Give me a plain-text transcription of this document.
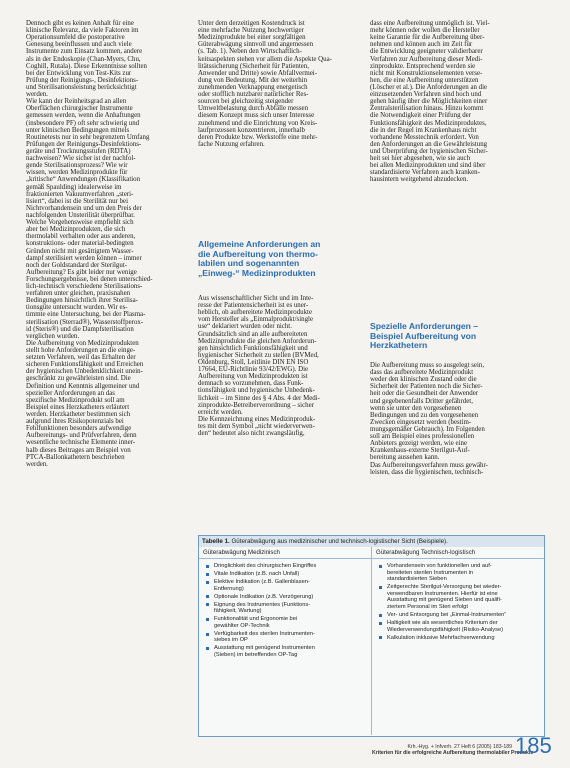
Dennoch gibt es keinen Anhalt für eine
klinische Relevanz, da viele Faktoren im
Operationsumfeld die postoperative
Genesung beeinflussen und auch viele
Instrumente zum Einsatz kommen, andere
als in der Endoskopie (Chan-Myers, Chu,
Coghill, Rutala). Diese Erkenntnisse sollten
bei der Entwicklung von Test-Kits zur
Prüfung der Reinigungs-, Desinfektions-
und Sterilisationsleistung berücksichtigt
werden.
Wie kann der Reinheitsgrad an allen
Oberflächen chirurgischer Instrumente
gemessen werden, wenn die Anhaftungen
(insbesondere PF) oft sehr schwierig und
unter klinischen Bedingungen mittels
Routinetests nur in sehr begrenztem Umfang
Prüfungen der Reinigungs-Desinfektions-
geräte und Trocknungsstufen (RDTA)
nachweisen? Wie sicher ist der nachfol-
gende Sterilisationsprozess? Wie wir
wissen, werden Medizinprodukte für
„kritische“ Anwendungen (Klassifikation
gemäß Spaulding) idealerweise im
fraktionierten Vakuumverfahren „steri-
lisiert“, dabei ist die Sterilität nur bei
Nichtvorhandensein und um den Preis der
nachfolgenden Unsterilität überprüfbar.
Welche Vorgehensweise empfiehlt sich
aber bei Medizinprodukten, die sich
thermolabil verhalten oder aus anderen,
konstruktions- oder material-bedingten
Gründen nicht mit gesättigtem Wasser-
dampf sterilisiert werden können – immer
noch der Goldstandard der Sterilgut-
Aufbereitung? Es gibt leider nur wenige
Forschungsergebnisse, bei denen unterschied-
lich-technisch verschiedene Sterilisations-
verfahren unter gleichen, praxisnahen
Bedingungen hinsichtlich ihrer Sterilisa-
tionsgüte untersucht wurden. Wir es-
timmte eine Untersuchung, bei der Plasma-
sterilisation (Sterrad®), Wasserstoffperox-
id (Steris®) und die Dampfsterilisation
verglichen wurden.
Die Aufbereitung von Medizinprodukten
stellt hohe Anforderungen an die einge-
setzten Verfahren, weil das Erhalten der
sicheren Funktionsfähigkeit und Erreichen
der hygienischen Unbedenklichkeit unein-
geschränkt zu gewährleisten sind. Die
Definition und Kenntnis allgemeiner und
spezieller Anforderungen an das
spezifische Medizinprodukt soll am
Beispiel eines Herzkatheters erläutert
werden. Herzkatheter bestimmen sich
aufgrund ihres Risikopotenzials bei
Fehlfunktionen besonders aufwendige
Aufbereitungs- und Prüfverfahren, denn
wesentliche technische Elemente inner-
halb dieses Beitrages am Beispiel von
PTCA-Ballonkathetern beschrieben
werden.
Unter dem derzeitigen Kostendruck ist
eine mehrfache Nutzung hochwertiger
Medizinprodukte bei einer sorgfältigen
Güterabwägung sinnvoll und angemessen
(s. Tab. 1). Neben den Wirtschaftlich-
keitsaspekten stehen vor allem die Aspekte Qua-
litätssicherung (Sicherheit für Patienten,
Anwender und Dritte) sowie Abfallvermei-
dung von Bedeutung. Mit der weiterhin
zunehmenden Verknappung energetisch
oder stofflich nutzbarer natürlicher Res-
sourcen bei gleichzeitig steigender
Umweltbelastung durch Abfälle messen
diesem Konzept muss sich unser Interesse
zunehmend und die Einrichtung von Kreis-
laufprozessen konzentrieren, innerhalb
deren Produkte bzw. Werkstoffe eine mehr-
fache Nutzung erfahren.
Allgemeine Anforderungen an
die Aufbereitung von thermo-
labilen und sogenannten
„Einweg-“ Medizinprodukten
Aus wissenschaftlicher Sicht und im Inte-
resse der Patientensicherheit ist es uner-
heblich, ob aufbereitete Medizinprodukte
vom Hersteller als „Einmalprodukt/single
use“ deklariert wurden oder nicht.
Grundsätzlich sind an alle aufbereiteten
Medizinprodukte die gleichen Anforderun-
gen hinsichtlich Funktionsfähigkeit und
hygienischer Sicherheit zu stellen (BVMed,
Oldenburg, Stoll, Leitlinie DIN EN ISO
17664, EU-Richtlinie 93/42/EWG). Die
Aufbereitung von Medizinprodukten ist
demnach so vorzunehmen, dass Funk-
tionsfähigkeit und hygienische Unbedenk-
lichkeit – im Sinne des § 4 Abs. 4 der Medi-
zinprodukte-Betreiberverordnung – sicher
erreicht werden.
Die Kennzeichnung eines Medizinproduk-
tes mit dem Symbol „nicht wiederverwen-
den“ bedeutet also nicht zwangsläufig,
dass eine Aufbereitung unmöglich ist. Viel-
mehr können oder wollen die Hersteller
keine Garantie für die Aufbereitung über-
nehmen und können auch im Zeit für
die Entwicklung geeigneter validierbarer
Verfahren zur Aufbereitung dieser Medi-
zinprodukte. Entsprechend werden sie
nicht mit Konstruktionselementen verse-
hen, die eine Aufbereitung unterstützen
(Löscher et al.). Die Anforderungen an die
einzusetzenden Verfahren sind hoch und
gehen häufig über die Möglichkeiten einer
Zentralsterilisation hinaus. Hinzu kommt
die Notwendigkeit einer Prüfung der
Funktionsfähigkeit des Medizinproduktes,
die in der Regel im Krankenhaus nicht
vorhandene Messtechnik erfordert. Von
den Anforderungen an die Gewährleistung
und Überprüfung der hygienischen Sicher-
heit sei hier abgesehen, wie sie auch
bei allen Medizinprodukten und sind über
standardisierte Verfahren auch kranken-
hausintern weitgehend abzudecken.
Spezielle Anforderungen –
Beispiel Aufbereitung von
Herzkathetern
Die Aufbereitung muss so ausgelegt sein,
dass das aufbereitete Medizinprodukt
weder den klinischen Zustand oder die
Sicherheit der Patienten noch die Sicher-
heit oder die Gesundheit der Anwender
und gegebenenfalls Dritter gefährdet,
wenn sie unter den vorgesehenen
Bedingungen und zu den vorgesehenen
Zwecken eingesetzt werden (bestim-
mungsgemäßer Gebrauch). Im Folgenden
soll am Beispiel eines professionellen
Anbieters gezeigt werden, wie eine
Krankenhaus-externe Sterilgut-Auf-
bereitung aussehen kann.
Das Aufbereitungsverfahren muss gewähr-
leisten, dass die hygienischen, technisch-
Tabelle 1. Güterabwägung aus medizinischer und technisch-logistischer Sicht (Beispiele).
Güterabwägung Medizinisch	Güterabwägung Technisch-logistisch
Dringlichkeit des chirurgischen Eingriffes
Vitale Indikation (z.B. nach Unfall)
Elektive Indikation (z.B. Gallenblasen-
Entfernung)
Optionale Indikation (z.B. Verzögerung)
Eignung des Instrumentes (Funktions-
fähigkeit, Wartung)
Funktionalität und Ergonomie bei
gewählter OP-Technik
Verfügbarkeit des sterilen Instrumenten-
siebes im OP
Ausstattung mit genügend Instrumenten
(Sieben) im betreffenden OP-Tag
Vorhandensein von funktionellen und auf-
bereiteten sterilen Instrumenten in
standardisierten Sieben
Zeitgerechte Sterilgut-Versorgung bei wieder-
verwendbaren Instrumenten. Hierfür ist eine
Ausstattung mit genügend Sieben und qualifi-
ziertem Personal im Steri erfolgt
Ver- und Entsorgung bei „Einmal-Instrumenten“
Haltigkeit wie als wesentliches Kriterium der
Wiederverwendungsfähigkeit (Risiko-Analyse)
Kalkulation inklusive Mehrfachverwendung
Krh.-Hyg. + Infverh. 27 Heft 6 (2005) 183-189
Kriterien für die erfolgreiche Aufbereitung thermolabiler Produkte
185
